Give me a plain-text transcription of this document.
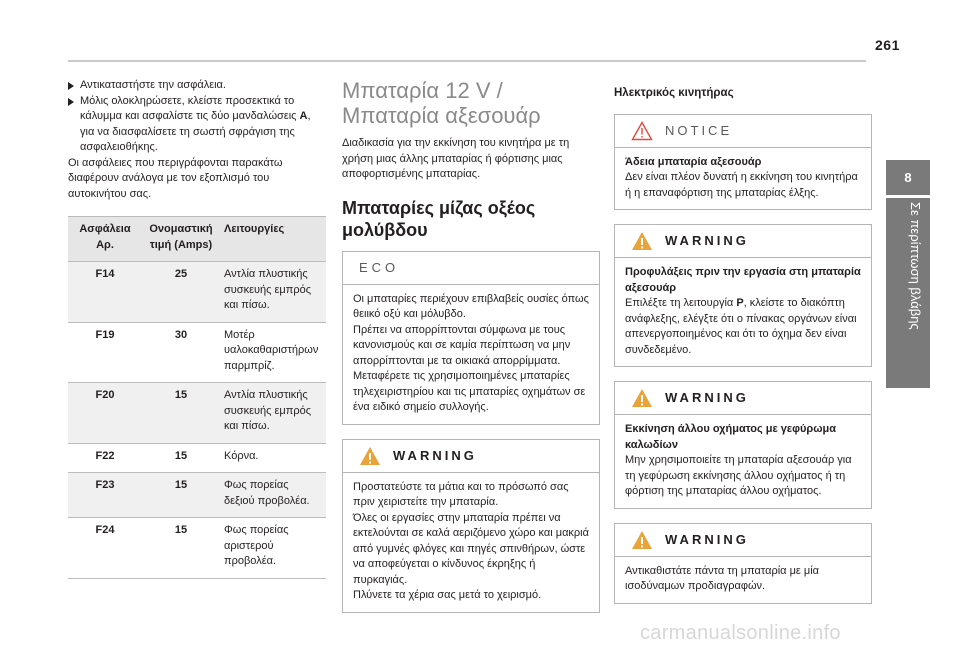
261
8
Σε περίπτωση βλάβης
Αντικαταστήστε την ασφάλεια.
Μόλις ολοκληρώσετε, κλείστε προσεκτικά το κάλυμμα και ασφαλίστε τις δύο μανδαλώσεις A, για να διασφαλίσετε τη σωστή σφράγιση της ασφαλειοθήκης.

Οι ασφάλειες που περιγράφονται παρακάτω διαφέρουν ανάλογα με τον εξοπλισμό του αυτοκινήτου σας.

Ασφάλεια Αρ.	Ονομαστική τιμή (Amps)	Λειτουργίες
F14	25	Αντλία πλυστικής συσκευής εμπρός και πίσω.
F19	30	Μοτέρ υαλοκαθαριστήρων παρμπρίζ.
F20	15	Αντλία πλυστικής συσκευής εμπρός και πίσω.
F22	15	Κόρνα.
F23	15	Φως πορείας δεξιού προβολέα.
F24	15	Φως πορείας αριστερού προβολέα.
Μπαταρία 12 V / Μπαταρία αξεσουάρ

Διαδικασία για την εκκίνηση του κινητήρα με τη χρήση μιας άλλης μπαταρίας ή φόρτισης μιας αποφορτισμένης μπαταρίας.

Μπαταρίες μίζας οξέος μολύβδου
ECO

Οι μπαταρίες περιέχουν επιβλαβείς ουσίες όπως θειικό οξύ και μόλυβδο.

Πρέπει να απορρίπτονται σύμφωνα με τους κανονισμούς και σε καμία περίπτωση να μην απορρίπτονται με τα οικιακά απορρίμματα.

Μεταφέρετε τις χρησιμοποιημένες μπαταρίες τηλεχειριστηρίου και τις μπαταρίες οχημάτων σε ένα ειδικό σημείο συλλογής.

WARNING

Προστατεύστε τα μάτια και το πρόσωπό σας πριν χειριστείτε την μπαταρία.

Όλες οι εργασίες στην μπαταρία πρέπει να εκτελούνται σε καλά αεριζόμενο χώρο και μακριά από γυμνές φλόγες και πηγές σπινθήρων, ώστε να αποφεύγεται ο κίνδυνος έκρηξης ή πυρκαγιάς.

Πλύνετε τα χέρια σας μετά το χειρισμό.

Ηλεκτρικός κινητήρας
NOTICE

Άδεια μπαταρία αξεσουάρ

Δεν είναι πλέον δυνατή η εκκίνηση του κινητήρα ή η επαναφόρτιση της μπαταρίας έλξης.

WARNING

Προφυλάξεις πριν την εργασία στη μπαταρία αξεσουάρ

Επιλέξτε τη λειτουργία P, κλείστε το διακόπτη ανάφλεξης, ελέγξτε ότι ο πίνακας οργάνων είναι απενεργοποιημένος και ότι το όχημα δεν είναι συνδεδεμένο.

WARNING

Εκκίνηση άλλου οχήματος με γεφύρωμα καλωδίων

Μην χρησιμοποιείτε τη μπαταρία αξεσουάρ για τη γεφύρωση εκκίνησης άλλου οχήματος ή τη φόρτιση της μπαταρίας άλλου οχήματος.

WARNING

Αντικαθιστάτε πάντα τη μπαταρία με μία ισοδύναμων προδιαγραφών.

carmanualsonline.info
